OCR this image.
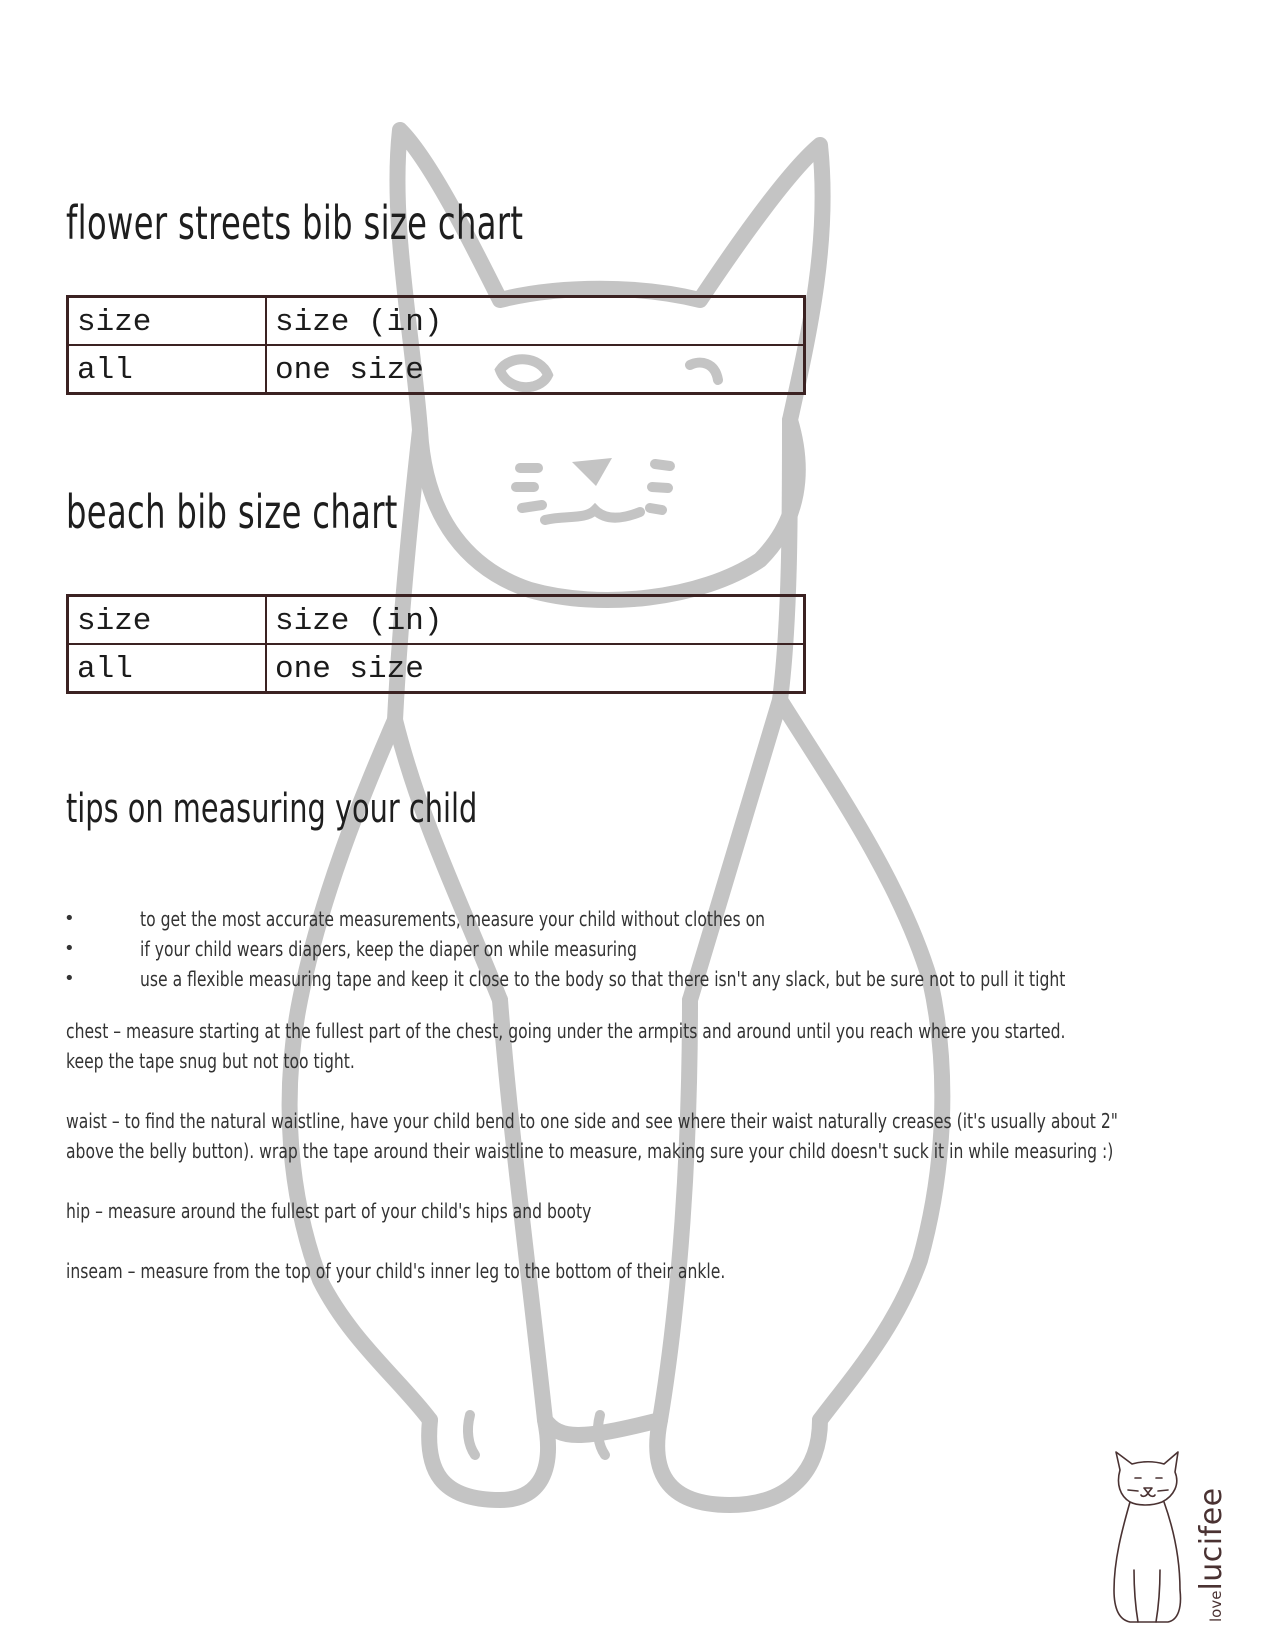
flower streets bib size chart
size	size (in)
all	one size
beach bib size chart
size	size (in)
all	one size
tips on measuring your child
•	to get the most accurate measurements, measure your child without clothes on
•	if your child wears diapers, keep the diaper on while measuring
•	use a flexible measuring tape and keep it close to the body so that there isn't any slack, but be sure not to pull it tight

chest – measure starting at the fullest part of the chest, going under the armpits and around until you reach where you started.
keep the tape snug but not too tight.

waist – to find the natural waistline, have your child bend to one side and see where their waist naturally creases (it's usually about 2"
above the belly button). wrap the tape around their waistline to measure, making sure your child doesn't suck it in while measuring :)

hip – measure around the fullest part of your child's hips and booty

inseam – measure from the top of your child's inner leg to the bottom of their ankle.

lovelucifee
